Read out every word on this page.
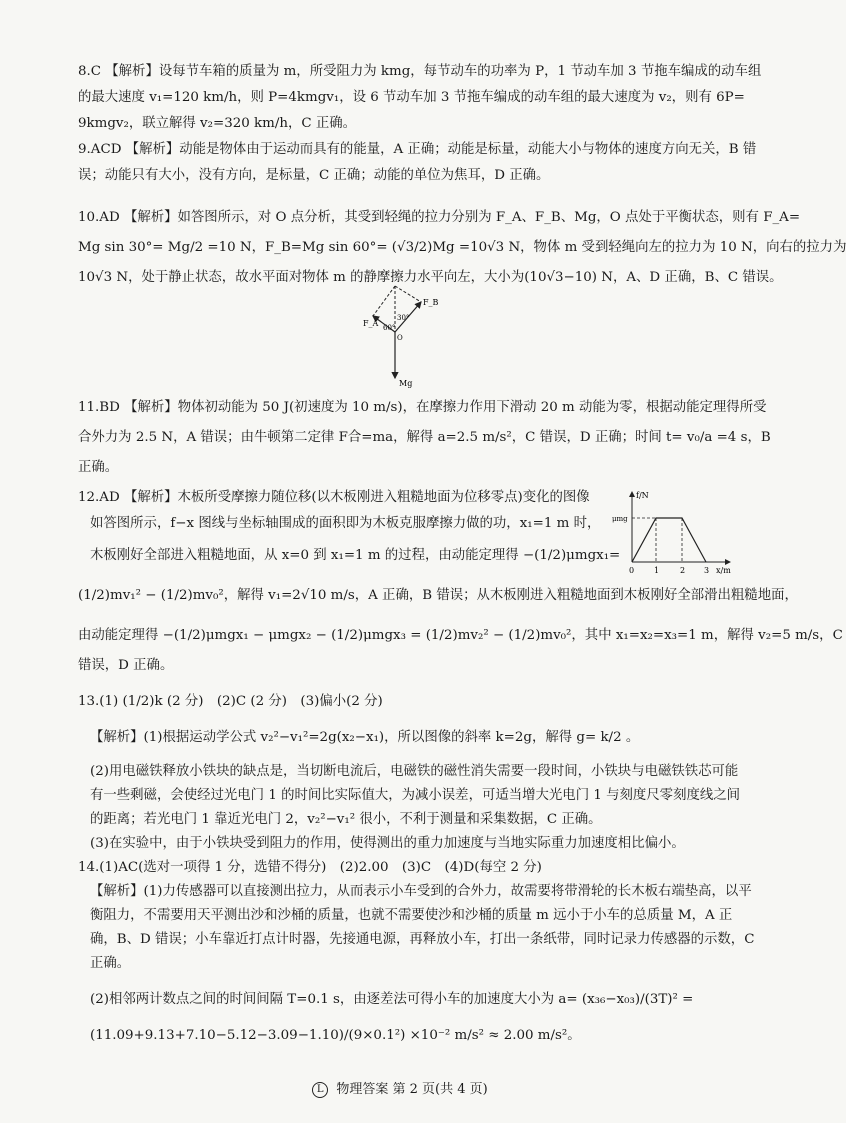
8.C 【解析】设每节车箱的质量为 m，所受阻力为 kmg，每节动车的功率为 P，1 节动车加 3 节拖车编成的动车组
的最大速度 v₁=120 km/h，则 P=4kmgv₁，设 6 节动车加 3 节拖车编成的动车组的最大速度为 v₂，则有 6P=
9kmgv₂，联立解得 v₂=320 km/h，C 正确。
9.ACD 【解析】动能是物体由于运动而具有的能量，A 正确；动能是标量，动能大小与物体的速度方向无关，B 错
误；动能只有大小，没有方向，是标量，C 正确；动能的单位为焦耳，D 正确。
10.AD 【解析】如答图所示，对 O 点分析，其受到轻绳的拉力分别为 F_A、F_B、Mg，O 点处于平衡状态，则有 F_A=
Mg sin 30°= Mg/2 =10 N，F_B=Mg sin 60°= (√3/2)Mg =10√3 N，物体 m 受到轻绳向左的拉力为 10 N，向右的拉力为
10√3 N，处于静止状态，故水平面对物体 m 的静摩擦力水平向左，大小为(10√3−10) N，A、D 正确，B、C 错误。
F_B
F_A
Mg
30°
60°
O
11.BD 【解析】物体初动能为 50 J(初速度为 10 m/s)，在摩擦力作用下滑动 20 m 动能为零，根据动能定理得所受
合外力为 2.5 N，A 错误；由牛顿第二定律 F合=ma，解得 a=2.5 m/s²，C 错误，D 正确；时间 t= v₀/a =4 s，B
正确。
12.AD 【解析】木板所受摩擦力随位移(以木板刚进入粗糙地面为位移零点)变化的图像
如答图所示，f−x 图线与坐标轴围成的面积即为木板克服摩擦力做的功，x₁=1 m 时，
木板刚好全部进入粗糙地面，从 x=0 到 x₁=1 m 的过程，由动能定理得 −(1/2)μmgx₁=
f/N
μmg
x/m
0 1	2 3
(1/2)mv₁² − (1/2)mv₀²，解得 v₁=2√10 m/s，A 正确，B 错误；从木板刚进入粗糙地面到木板刚好全部滑出粗糙地面，
由动能定理得 −(1/2)μmgx₁ − μmgx₂ − (1/2)μmgx₃ = (1/2)mv₂² − (1/2)mv₀²，其中 x₁=x₂=x₃=1 m，解得 v₂=5 m/s，C
错误，D 正确。
13.(1) (1/2)k (2 分)　(2)C (2 分)　(3)偏小(2 分)
【解析】(1)根据运动学公式 v₂²−v₁²=2g(x₂−x₁)，所以图像的斜率 k=2g，解得 g= k/2 。
(2)用电磁铁释放小铁块的缺点是，当切断电流后，电磁铁的磁性消失需要一段时间，小铁块与电磁铁铁芯可能
有一些剩磁，会使经过光电门 1 的时间比实际值大，为减小误差，可适当增大光电门 1 与刻度尺零刻度线之间
的距离；若光电门 1 靠近光电门 2，v₂²−v₁² 很小，不利于测量和采集数据，C 正确。
(3)在实验中，由于小铁块受到阻力的作用，使得测出的重力加速度与当地实际重力加速度相比偏小。
14.(1)AC(选对一项得 1 分，选错不得分)　(2)2.00　(3)C　(4)D(每空 2 分)
【解析】(1)力传感器可以直接测出拉力，从而表示小车受到的合外力，故需要将带滑轮的长木板右端垫高，以平
衡阻力，不需要用天平测出沙和沙桶的质量，也就不需要使沙和沙桶的质量 m 远小于小车的总质量 M，A 正
确，B、D 错误；小车靠近打点计时器，先接通电源，再释放小车，打出一条纸带，同时记录力传感器的示数，C
正确。
(2)相邻两计数点之间的时间间隔 T=0.1 s，由逐差法可得小车的加速度大小为 a= (x₃₆−x₀₃)/(3T)² =
(11.09+9.13+7.10−5.12−3.09−1.10)/(9×0.1²) ×10⁻² m/s² ≈ 2.00 m/s²。
L 物理答案 第 2 页(共 4 页)
